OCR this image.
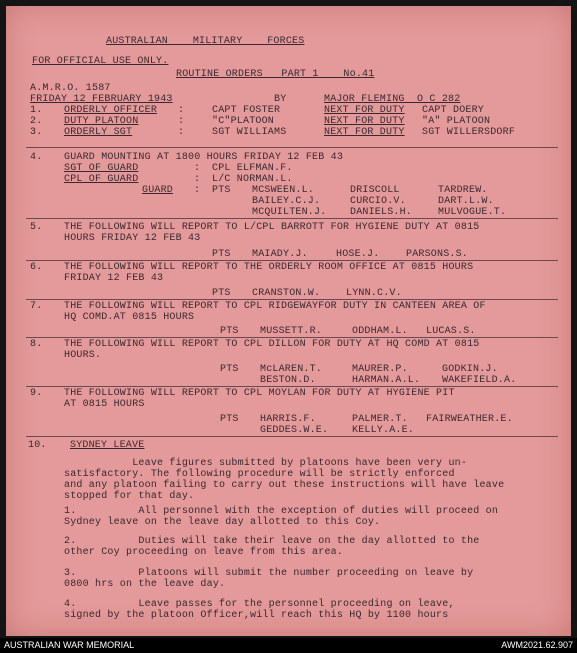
AUSTRALIAN    MILITARY    FORCES
FOR OFFICIAL USE ONLY.
ROUTINE ORDERS   PART 1    No.41
A.M.R.O. 1587
FRIDAY 12 FEBRUARY 1943	BY	MAJOR FLEMING  O C 282
1. ORDERLY OFFICER :	CAPT FOSTER	NEXT FOR DUTY CAPT DOERY
2. DUTY PLATOON	:	"C"PLATOON	NEXT FOR DUTY "A" PLATOON
3. ORDERLY SGT	:	SGT WILLIAMS	NEXT FOR DUTY SGT WILLERSDORF
4. GUARD MOUNTING AT 1800 HOURS FRIDAY 12 FEB 43
SGT OF GUARD	: CPL ELFMAN.F.
CPL OF GUARD	: L/C NORMAN.L.
GUARD : PTS MCSWEEN.L.	DRISCOLL	TARDREW.
BAILEY.C.J.	CURCIO.V.	DART.L.W.
MCQUILTEN.J. DANIELS.H.	MULVOGUE.T.
5. THE FOLLOWING WILL REPORT TO L/CPL BARROTT FOR HYGIENE DUTY AT 0815
HOURS FRIDAY 12 FEB 43
PTS MAIADY.J.	HOSE.J.	PARSONS.S.
6. THE FOLLOWING WILL REPORT TO THE ORDERLY ROOM OFFICE AT 0815 HOURS
FRIDAY 12 FEB 43
PTS CRANSTON.W.	LYNN.C.V.
7. THE FOLLOWING WILL REPORT TO CPL RIDGEWAYFOR DUTY IN CANTEEN AREA OF
HQ COMD.AT 0815 HOURS
PTS MUSSETT.R.	ODDHAM.L. LUCAS.S.
8. THE FOLLOWING WILL REPORT TO CPL DILLON FOR DUTY AT HQ COMD AT 0815
HOURS.
PTS McLAREN.T.	MAURER.P.	GODKIN.J.
BESTON.D.	HARMAN.A.L. WAKEFIELD.A.
9. THE FOLLOWING WILL REPORT TO CPL MOYLAN FOR DUTY AT HYGIENE PIT
AT 0815 HOURS
PTS HARRIS.F.	PALMER.T. FAIRWEATHER.E.
GEDDES.W.E. KELLY.A.E.
10. SYDNEY LEAVE
Leave figures submitted by platoons have been very un-
satisfactory. The following procedure will be strictly enforced
and any platoon failing to carry out these instructions will have leave
stopped for that day.
1.          All personnel with the exception of duties will proceed on
Sydney leave on the leave day allotted to this Coy.
2.          Duties will take their leave on the day allotted to the
other Coy proceeding on leave from this area.
3.          Platoons will submit the number proceeding on leave by
0800 hrs on the leave day.
4.          Leave passes for the personnel proceeding on leave,
signed by the platoon Officer,will reach this HQ by 1100 hours
AUSTRALIAN WAR MEMORIAL	AWM2021.62.907
